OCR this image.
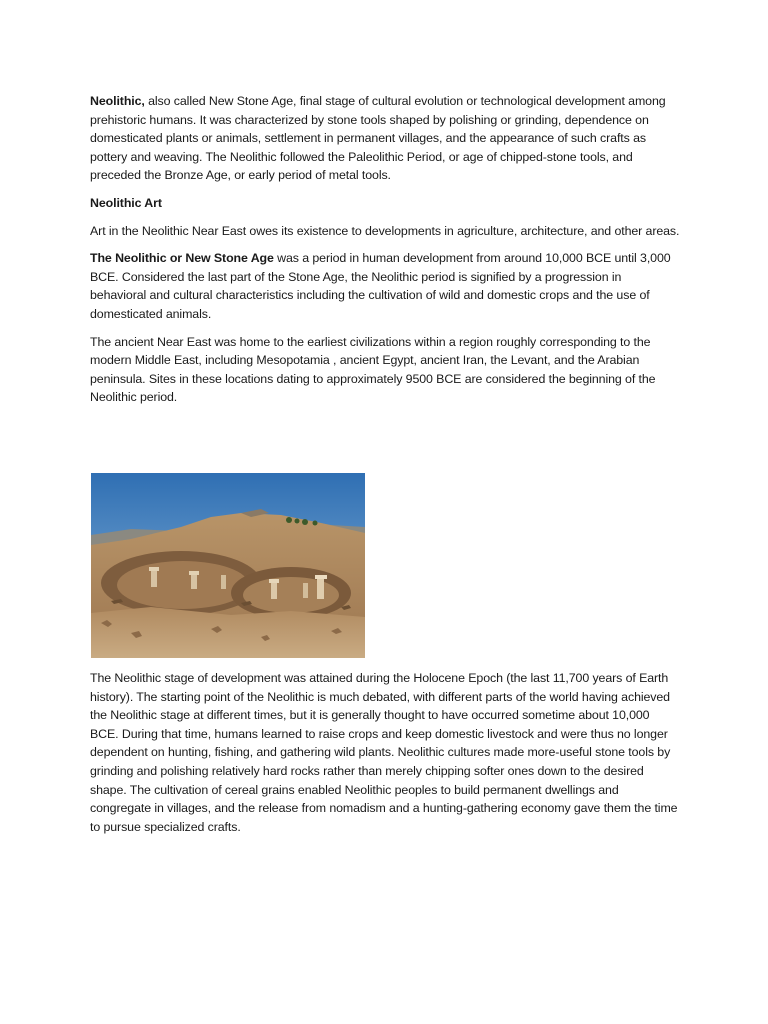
Neolithic, also called New Stone Age, final stage of cultural evolution or technological development among prehistoric humans. It was characterized by stone tools shaped by polishing or grinding, dependence on domesticated plants or animals, settlement in permanent villages, and the appearance of such crafts as pottery and weaving. The Neolithic followed the Paleolithic Period, or age of chipped-stone tools, and preceded the Bronze Age, or early period of metal tools.

Neolithic Art

Art in the Neolithic Near East owes its existence to developments in agriculture, architecture, and other areas.

The Neolithic or New Stone Age was a period in human development from around 10,000 BCE until 3,000 BCE. Considered the last part of the Stone Age, the Neolithic period is signified by a progression in behavioral and cultural characteristics including the cultivation of wild and domestic crops and the use of domesticated animals.

The ancient Near East was home to the earliest civilizations within a region roughly corresponding to the modern Middle East, including Mesopotamia , ancient Egypt, ancient Iran, the Levant, and the Arabian peninsula. Sites in these locations dating to approximately 9500 BCE are considered the beginning of the Neolithic period.

The Neolithic stage of development was attained during the Holocene Epoch (the last 11,700 years of Earth history). The starting point of the Neolithic is much debated, with different parts of the world having achieved the Neolithic stage at different times, but it is generally thought to have occurred sometime about 10,000 BCE. During that time, humans learned to raise crops and keep domestic livestock and were thus no longer dependent on hunting, fishing, and gathering wild plants. Neolithic cultures made more-useful stone tools by grinding and polishing relatively hard rocks rather than merely chipping softer ones down to the desired shape. The cultivation of cereal grains enabled Neolithic peoples to build permanent dwellings and congregate in villages, and the release from nomadism and a hunting-gathering economy gave them the time to pursue specialized crafts.
